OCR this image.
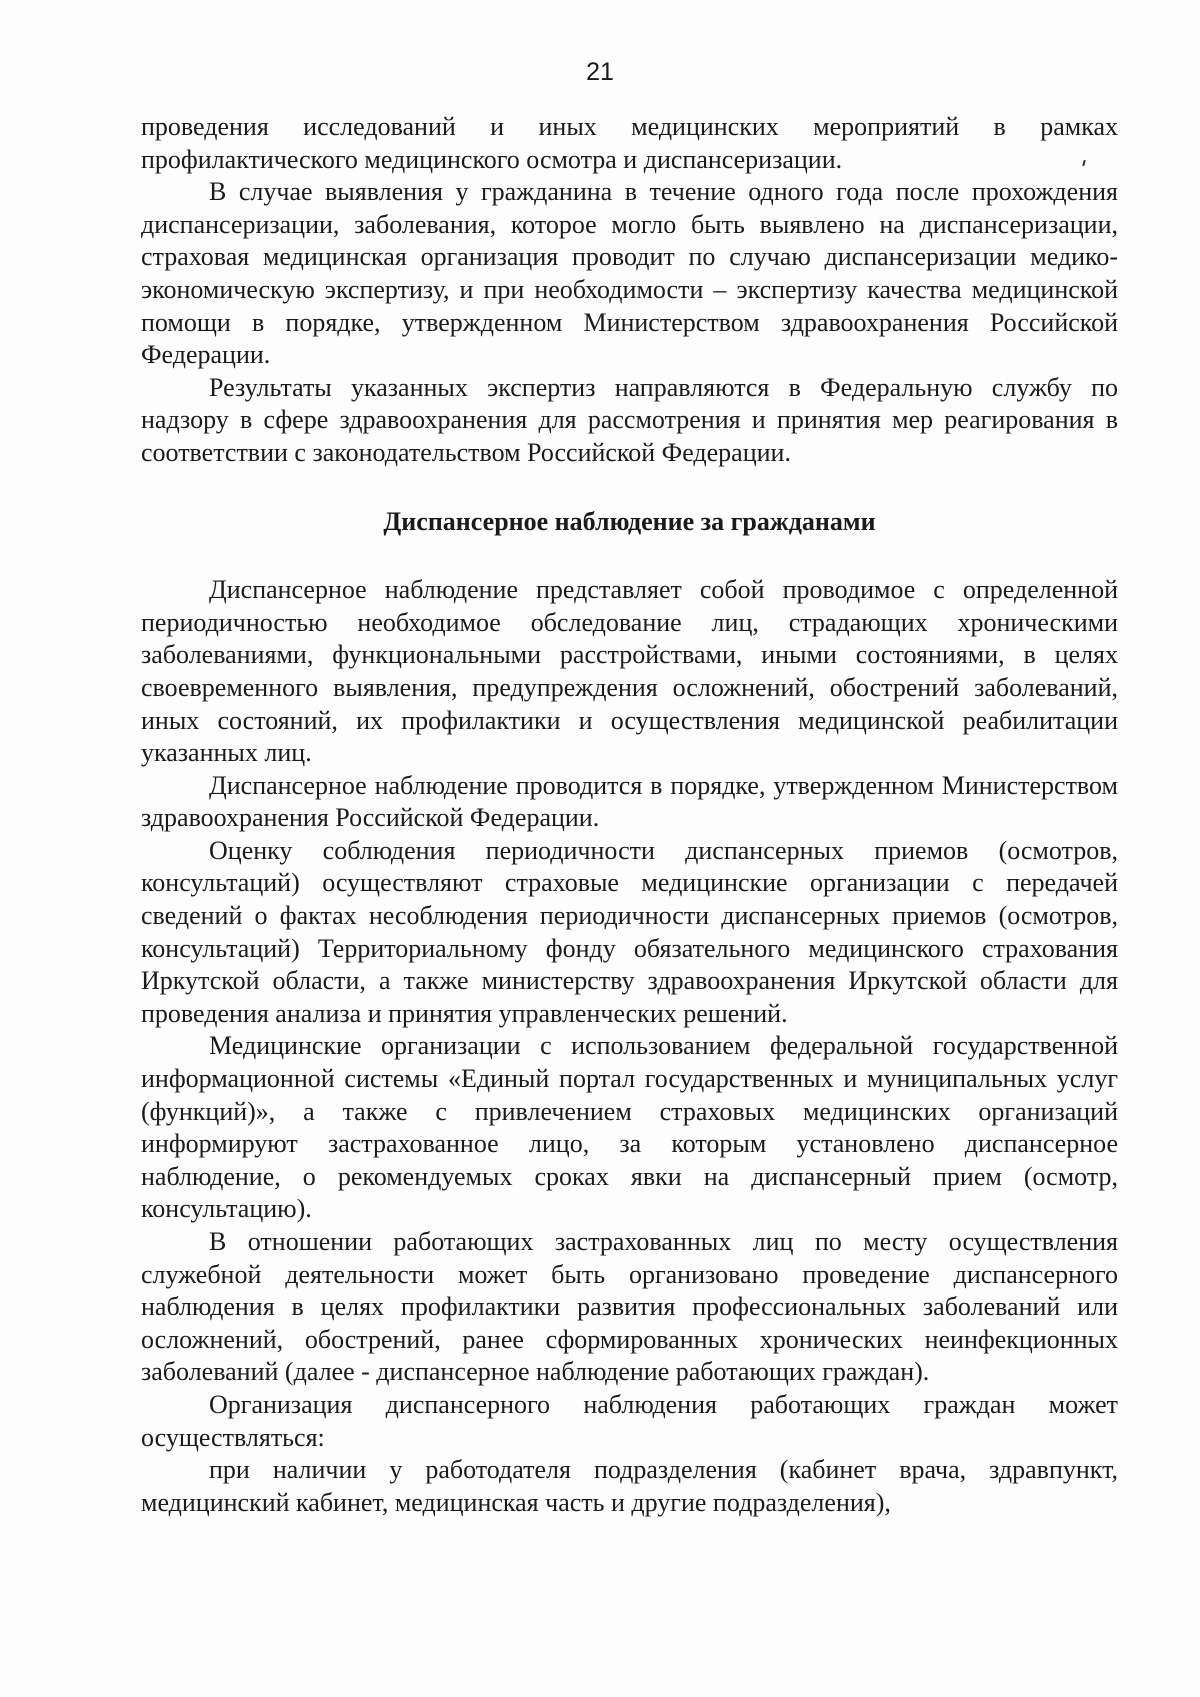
21

проведения исследований и иных медицинских мероприятий в рамках профилактического медицинского осмотра и диспансеризации.

В случае выявления у гражданина в течение одного года после прохождения диспансеризации, заболевания, которое могло быть выявлено на диспансеризации, страховая медицинская организация проводит по случаю диспансеризации медико-экономическую экспертизу, и при необходимости – экспертизу качества медицинской помощи в порядке, утвержденном Министерством здравоохранения Российской Федерации.

Результаты указанных экспертиз направляются в Федеральную службу по надзору в сфере здравоохранения для рассмотрения и принятия мер реагирования в соответствии с законодательством Российской Федерации.

Диспансерное наблюдение за гражданами

Диспансерное наблюдение представляет собой проводимое с определенной периодичностью необходимое обследование лиц, страдающих хроническими заболеваниями, функциональными расстройствами, иными состояниями, в целях своевременного выявления, предупреждения осложнений, обострений заболеваний, иных состояний, их профилактики и осуществления медицинской реабилитации указанных лиц.

Диспансерное наблюдение проводится в порядке, утвержденном Министерством здравоохранения Российской Федерации.

Оценку соблюдения периодичности диспансерных приемов (осмотров, консультаций) осуществляют страховые медицинские организации с передачей сведений о фактах несоблюдения периодичности диспансерных приемов (осмотров, консультаций) Территориальному фонду обязательного медицинского страхования Иркутской области, а также министерству здравоохранения Иркутской области для проведения анализа и принятия управленческих решений.

Медицинские организации с использованием федеральной государственной информационной системы «Единый портал государственных и муниципальных услуг (функций)», а также с привлечением страховых медицинских организаций информируют застрахованное лицо, за которым установлено диспансерное наблюдение, о рекомендуемых сроках явки на диспансерный прием (осмотр, консультацию).

В отношении работающих застрахованных лиц по месту осуществления служебной деятельности может быть организовано проведение диспансерного наблюдения в целях профилактики развития профессиональных заболеваний или осложнений, обострений, ранее сформированных хронических неинфекционных заболеваний (далее - диспансерное наблюдение работающих граждан).

Организация диспансерного наблюдения работающих граждан может осуществляться:

при наличии у работодателя подразделения (кабинет врача, здравпункт, медицинский кабинет, медицинская часть и другие подразделения),
